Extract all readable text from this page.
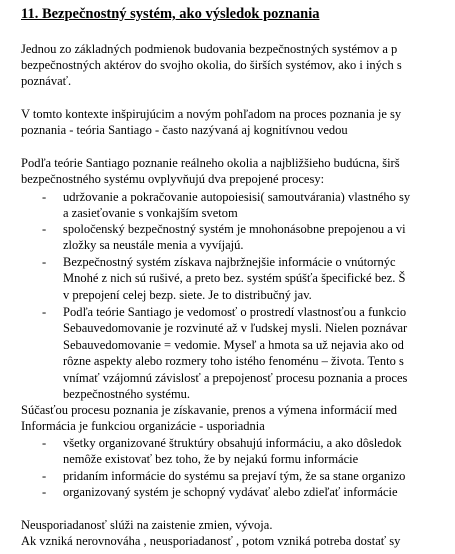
11. Bezpečnostný systém, ako výsledok poznania
Jednou zo základných podmienok budovania bezpečnostných systémov a p
bezpečnostných aktérov do svojho okolia, do širších systémov, ako i iných s
poznávať.
V tomto kontexte inšpirujúcim a novým pohľadom na proces poznania je sy
poznania - teória Santiago - často nazývaná aj kognitívnou vedou
Podľa teórie Santiago poznanie reálneho okolia a najbližšieho budúcna, širš
bezpečnostného systému ovplyvňujú dva prepojené procesy:
- udržovanie a pokračovanie autopoiesisi( samoutvárania) vlastného sy
a zasieťovanie s vonkajším svetom
- spoločenský bezpečnostný systém je mnohonásobne prepojenou a vi
zložky sa neustále menia a vyvíjajú.
- Bezpečnostný systém získava najbržnejšie informácie o vnútornýc
Mnohé z nich sú rušivé, a preto bez. systém spúšťa špecifické bez. Š
v prepojení celej bezp. siete. Je to distribučný jav.
- Podľa teórie Santiago je vedomosť o prostredí vlastnosťou a funkcio
Sebauvedomovanie je rozvinuté až v ľudskej mysli. Nielen poznávar
Sebauvedomovanie = vedomie. Myseľ a hmota sa už nejavia ako od
rôzne aspekty alebo rozmery toho istého fenoménu – života. Tento s
vnímať vzájomnú závislosť a prepojenosť procesu poznania a proces
bezpečnostného systému.
Súčasťou procesu poznania je získavanie, prenos a výmena informácií med
Informácia je funkciou organizácie - usporiadnia
- všetky organizované štruktúry obsahujú informáciu, a ako dôsledok
nemôže existovať bez toho, že by nejakú formu informácie
- pridaním informácie do systému sa prejaví tým, že sa stane organizo
- organizovaný systém je schopný vydávať alebo zdieľať informácie
Neusporiadanosť slúži na zaistenie zmien, vývoja.
Ak vzniká nerovnováha , neusporiadanosť , potom vzniká potreba dostať sy
